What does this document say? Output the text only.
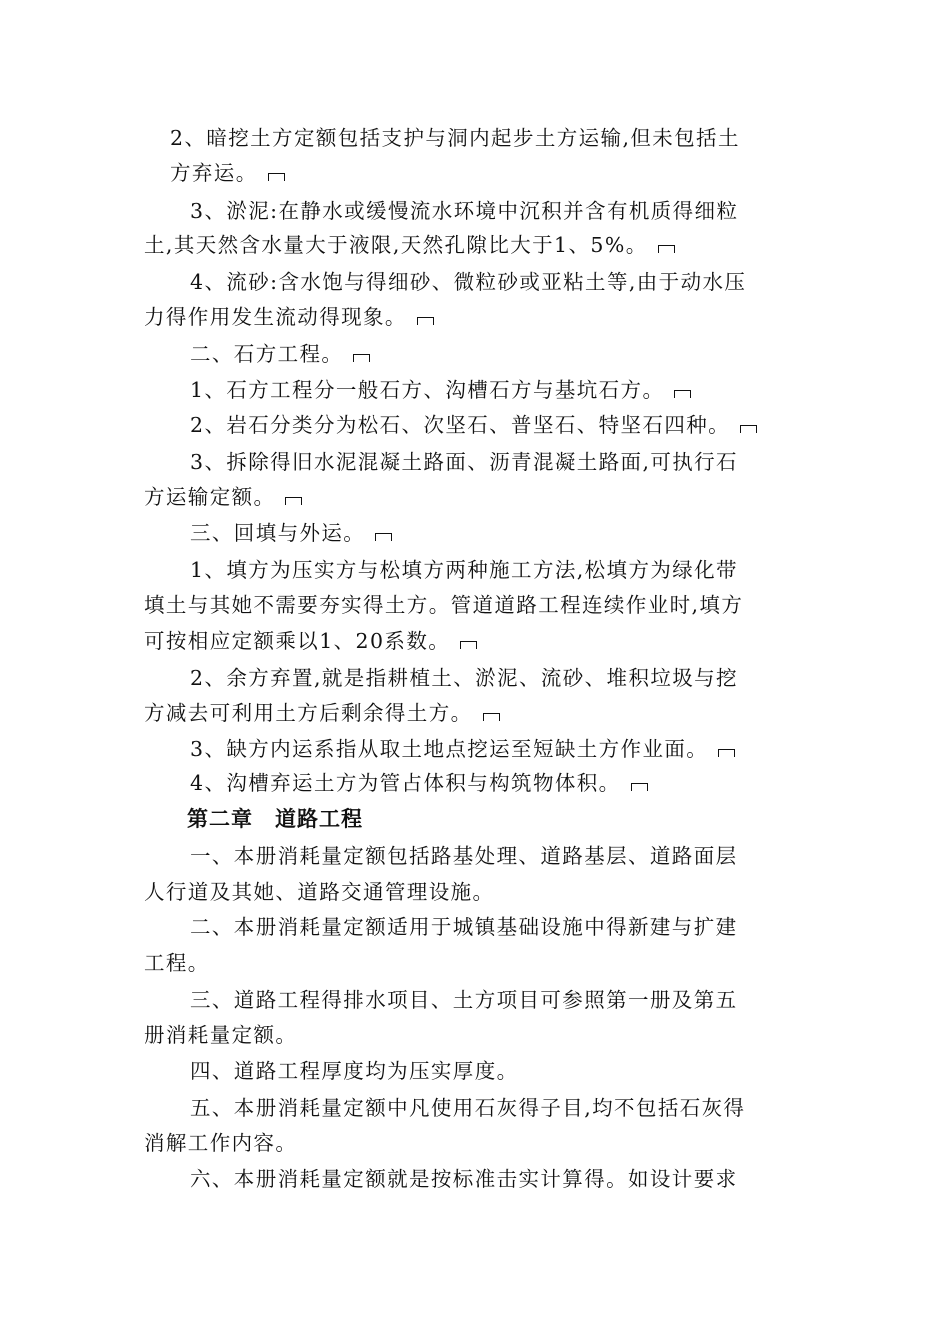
2、暗挖土方定额包括支护与洞内起步土方运输,但未包括土
方弃运。
3、淤泥:在静水或缓慢流水环境中沉积并含有机质得细粒
土,其天然含水量大于液限,天然孔隙比大于1、5%。
4、流砂:含水饱与得细砂、微粒砂或亚粘土等,由于动水压
力得作用发生流动得现象。
二、石方工程。
1、石方工程分一般石方、沟槽石方与基坑石方。
2、岩石分类分为松石、次坚石、普坚石、特坚石四种。
3、拆除得旧水泥混凝土路面、沥青混凝土路面,可执行石
方运输定额。
三、回填与外运。
1、填方为压实方与松填方两种施工方法,松填方为绿化带
填土与其她不需要夯实得土方。管道道路工程连续作业时,填方
可按相应定额乘以1、20系数。
2、余方弃置,就是指耕植土、淤泥、流砂、堆积垃圾与挖
方减去可利用土方后剩余得土方。
3、缺方内运系指从取土地点挖运至短缺土方作业面。
4、沟槽弃运土方为管占体积与构筑物体积。
第二章　道路工程
一、本册消耗量定额包括路基处理、道路基层、道路面层
人行道及其她、道路交通管理设施。
二、本册消耗量定额适用于城镇基础设施中得新建与扩建
工程。
三、道路工程得排水项目、土方项目可参照第一册及第五
册消耗量定额。
四、道路工程厚度均为压实厚度。
五、本册消耗量定额中凡使用石灰得子目,均不包括石灰得
消解工作内容。
六、本册消耗量定额就是按标准击实计算得。如设计要求
